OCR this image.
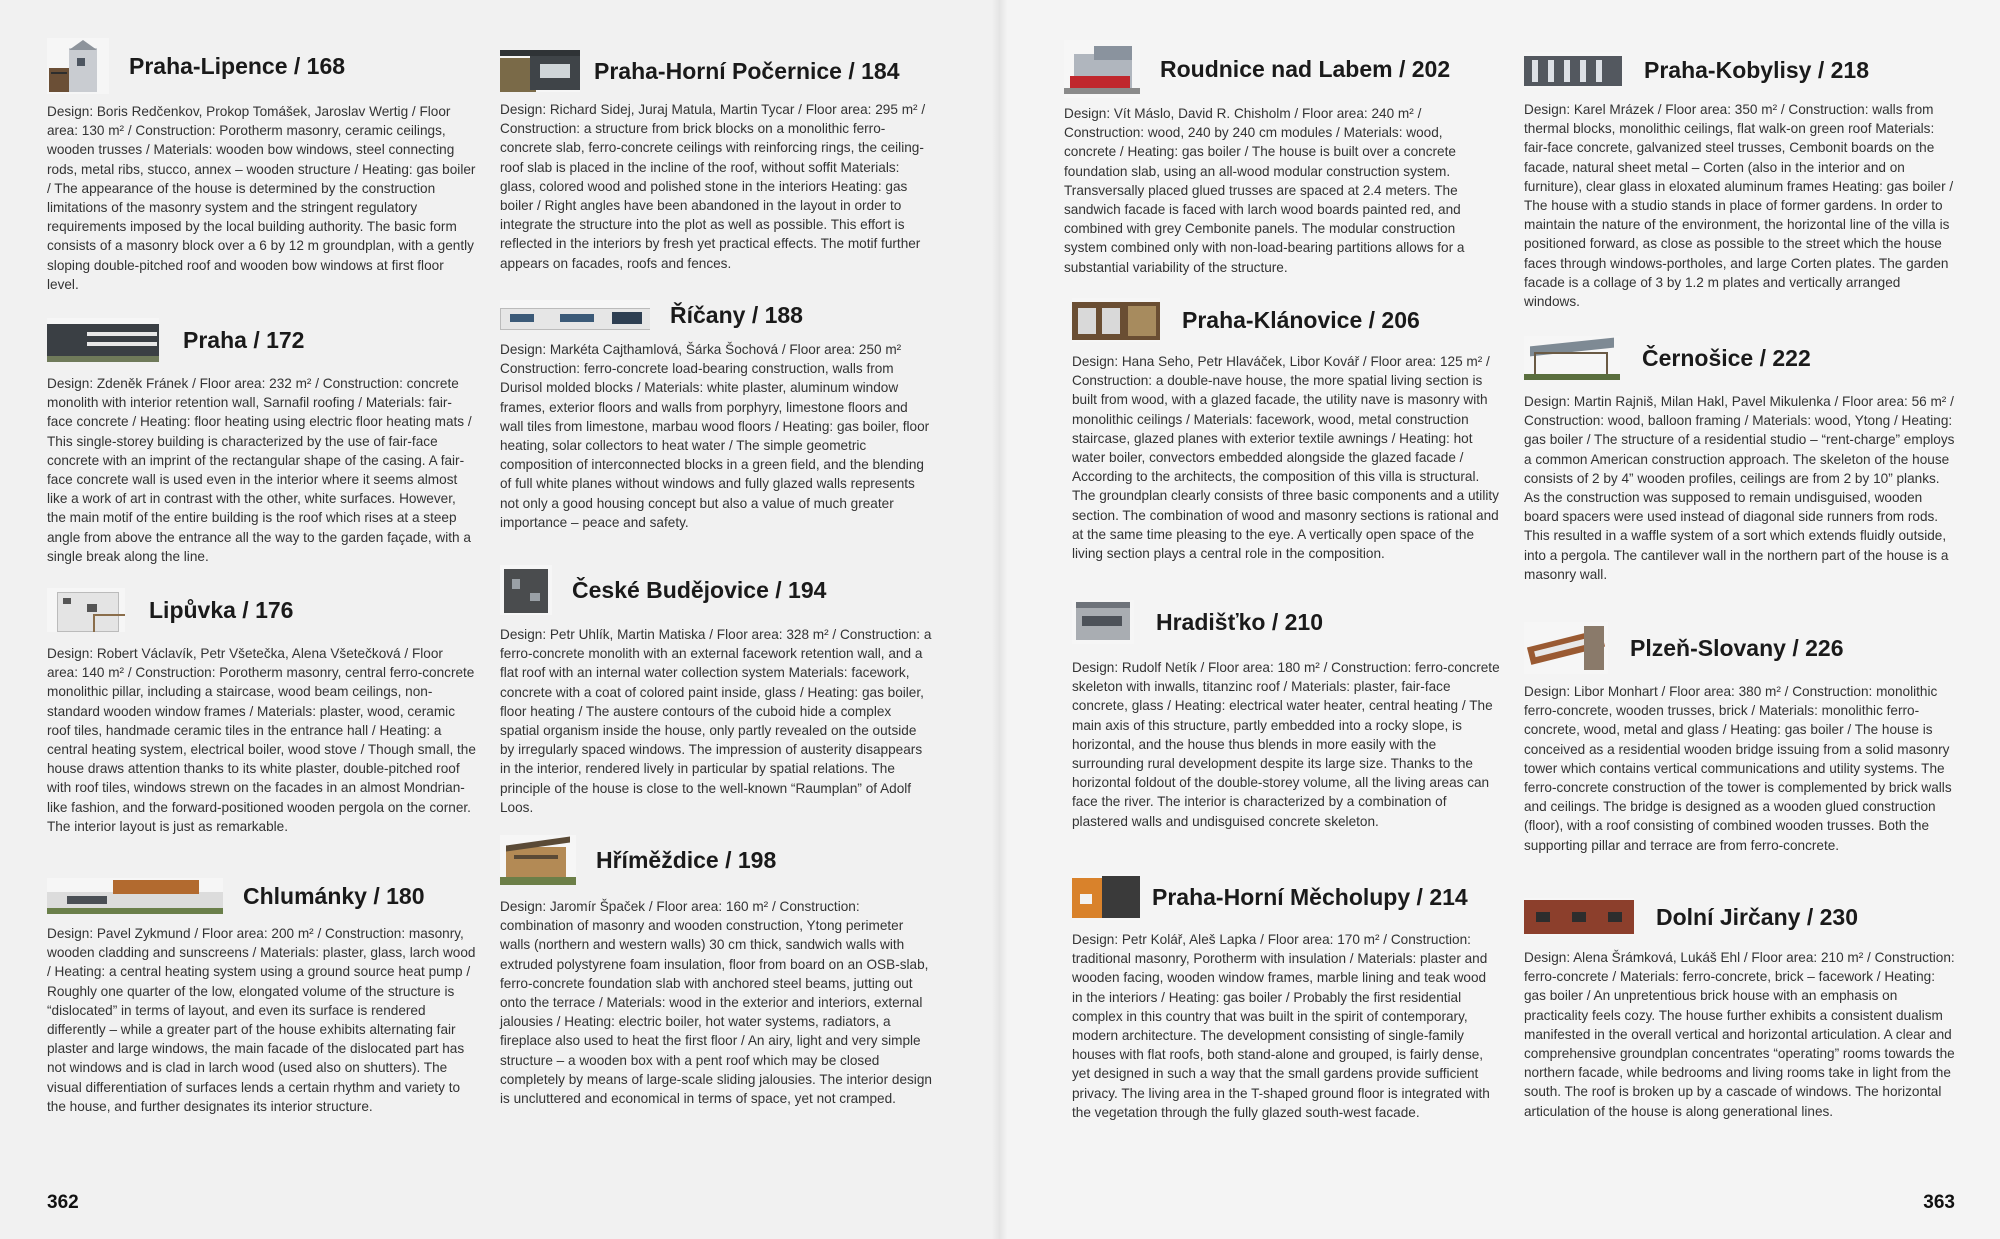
Praha-Lipence / 168

Design: Boris Redčenkov, Prokop Tomášek, Jaroslav Wertig / Floor area: 130 m² / Construction: Porotherm masonry, ceramic ceilings, wooden trusses / Materials: wooden bow windows, steel connecting rods, metal ribs, stucco, annex – wooden structure / Heating: gas boiler / The appearance of the house is determined by the construction limitations of the masonry system and the stringent regulatory requirements imposed by the local building authority. The basic form consists of a masonry block over a 6 by 12 m groundplan, with a gently sloping double-pitched roof and wooden bow windows at first floor level.

Praha / 172

Design: Zdeněk Fránek / Floor area: 232 m² / Construction: concrete monolith with interior retention wall, Sarnafil roofing / Materials: fair-face concrete / Heating: floor heating using electric floor heating mats / This single-storey building is characterized by the use of fair-face concrete with an imprint of the rectangular shape of the casing. A fair-face concrete wall is used even in the interior where it seems almost like a work of art in contrast with the other, white surfaces. However, the main motif of the entire building is the roof which rises at a steep angle from above the entrance all the way to the garden façade, with a single break along the line.

Lipůvka / 176

Design: Robert Václavík, Petr Všetečka, Alena Všetečková / Floor area: 140 m² / Construction: Porotherm masonry, central ferro-concrete monolithic pillar, including a staircase, wood beam ceilings, non-standard wooden window frames / Materials: plaster, wood, ceramic roof tiles, handmade ceramic tiles in the entrance hall / Heating: a central heating system, electrical boiler, wood stove / Though small, the house draws attention thanks to its white plaster, double-pitched roof with roof tiles, windows strewn on the facades in an almost Mondrian-like fashion, and the forward-positioned wooden pergola on the corner. The interior layout is just as remarkable.

Chlumánky / 180

Design: Pavel Zykmund / Floor area: 200 m² / Construction: masonry, wooden cladding and sunscreens / Materials: plaster, glass, larch wood / Heating: a central heating system using a ground source heat pump / Roughly one quarter of the low, elongated volume of the structure is “dislocated” in terms of layout, and even its surface is rendered differently – while a greater part of the house exhibits alternating fair plaster and large windows, the main facade of the dislocated part has not windows and is clad in larch wood (used also on shutters). The visual differentiation of surfaces lends a certain rhythm and variety to the house, and further designates its interior structure.

Praha-Horní Počernice / 184

Design: Richard Sidej, Juraj Matula, Martin Tycar / Floor area: 295 m² / Construction: a structure from brick blocks on a monolithic ferro-concrete slab, ferro-concrete ceilings with reinforcing rings, the ceiling-roof slab is placed in the incline of the roof, without soffit Materials: glass, colored wood and polished stone in the interiors Heating: gas boiler / Right angles have been abandoned in the layout in order to integrate the structure into the plot as well as possible. This effort is reflected in the interiors by fresh yet practical effects. The motif further appears on facades, roofs and fences.

Říčany / 188

Design: Markéta Cajthamlová, Šárka Šochová / Floor area: 250 m² Construction: ferro-concrete load-bearing construction, walls from Durisol molded blocks / Materials: white plaster, aluminum window frames, exterior floors and walls from porphyry, limestone floors and wall tiles from limestone, marbau wood floors / Heating: gas boiler, floor heating, solar collectors to heat water / The simple geometric composition of interconnected blocks in a green field, and the blending of full white planes without windows and fully glazed walls represents not only a good housing concept but also a value of much greater importance – peace and safety.

České Budějovice / 194

Design: Petr Uhlík, Martin Matiska / Floor area: 328 m² / Construction: a ferro-concrete monolith with an external facework retention wall, and a flat roof with an internal water collection system Materials: facework, concrete with a coat of colored paint inside, glass / Heating: gas boiler, floor heating / The austere contours of the cuboid hide a complex spatial organism inside the house, only partly revealed on the outside by irregularly spaced windows. The impression of austerity disappears in the interior, rendered lively in particular by spatial relations. The principle of the house is close to the well-known “Raumplan” of Adolf Loos.

Hříměždice / 198

Design: Jaromír Špaček / Floor area: 160 m² / Construction: combination of masonry and wooden construction, Ytong perimeter walls (northern and western walls) 30 cm thick, sandwich walls with extruded polystyrene foam insulation, floor from board on an OSB-slab, ferro-concrete foundation slab with anchored steel beams, jutting out onto the terrace / Materials: wood in the exterior and interiors, external jalousies / Heating: electric boiler, hot water systems, radiators, a fireplace also used to heat the first floor / An airy, light and very simple structure – a wooden box with a pent roof which may be closed completely by means of large-scale sliding jalousies. The interior design is uncluttered and economical in terms of space, yet not cramped.

Roudnice nad Labem / 202

Design: Vít Máslo, David R. Chisholm / Floor area: 240 m² / Construction: wood, 240 by 240 cm modules / Materials: wood, concrete / Heating: gas boiler / The house is built over a concrete foundation slab, using an all-wood modular construction system. Transversally placed glued trusses are spaced at 2.4 meters. The sandwich facade is faced with larch wood boards painted red, and combined with grey Cembonite panels. The modular construction system combined only with non-load-bearing partitions allows for a substantial variability of the structure.

Praha-Klánovice / 206

Design: Hana Seho, Petr Hlaváček, Libor Kovář / Floor area: 125 m² / Construction: a double-nave house, the more spatial living section is built from wood, with a glazed facade, the utility nave is masonry with monolithic ceilings / Materials: facework, wood, metal construction staircase, glazed planes with exterior textile awnings / Heating: hot water boiler, convectors embedded alongside the glazed facade / According to the architects, the composition of this villa is structural. The groundplan clearly consists of three basic components and a utility section. The combination of wood and masonry sections is rational and at the same time pleasing to the eye. A vertically open space of the living section plays a central role in the composition.

Hradišťko / 210

Design: Rudolf Netík / Floor area: 180 m² / Construction: ferro-concrete skeleton with inwalls, titanzinc roof / Materials: plaster, fair-face concrete, glass / Heating: electrical water heater, central heating / The main axis of this structure, partly embedded into a rocky slope, is horizontal, and the house thus blends in more easily with the surrounding rural development despite its large size. Thanks to the horizontal foldout of the double-storey volume, all the living areas can face the river. The interior is characterized by a combination of plastered walls and undisguised concrete skeleton.

Praha-Horní Měcholupy / 214

Design: Petr Kolář, Aleš Lapka / Floor area: 170 m² / Construction: traditional masonry, Porotherm with insulation / Materials: plaster and wooden facing, wooden window frames, marble lining and teak wood in the interiors / Heating: gas boiler / Probably the first residential complex in this country that was built in the spirit of contemporary, modern architecture. The development consisting of single-family houses with flat roofs, both stand-alone and grouped, is fairly dense, yet designed in such a way that the small gardens provide sufficient privacy. The living area in the T-shaped ground floor is integrated with the vegetation through the fully glazed south-west facade.

Praha-Kobylisy / 218

Design: Karel Mrázek / Floor area: 350 m² / Construction: walls from thermal blocks, monolithic ceilings, flat walk-on green roof Materials: fair-face concrete, galvanized steel trusses, Cembonit boards on the facade, natural sheet metal – Corten (also in the interior and on furniture), clear glass in eloxated aluminum frames Heating: gas boiler / The house with a studio stands in place of former gardens. In order to maintain the nature of the environment, the horizontal line of the villa is positioned forward, as close as possible to the street which the house faces through windows-portholes, and large Corten plates. The garden facade is a collage of 3 by 1.2 m plates and vertically arranged windows.

Černošice / 222

Design: Martin Rajniš, Milan Hakl, Pavel Mikulenka / Floor area: 56 m² / Construction: wood, balloon framing / Materials: wood, Ytong / Heating: gas boiler / The structure of a residential studio – “rent-charge” employs a common American construction approach. The skeleton of the house consists of 2 by 4” wooden profiles, ceilings are from 2 by 10” planks. As the construction was supposed to remain undisguised, wooden board spacers were used instead of diagonal side runners from rods. This resulted in a waffle system of a sort which extends fluidly outside, into a pergola. The cantilever wall in the northern part of the house is a masonry wall.

Plzeň-Slovany / 226

Design: Libor Monhart / Floor area: 380 m² / Construction: monolithic ferro-concrete, wooden trusses, brick / Materials: monolithic ferro-concrete, wood, metal and glass / Heating: gas boiler / The house is conceived as a residential wooden bridge issuing from a solid masonry tower which contains vertical communications and utility systems. The ferro-concrete construction of the tower is complemented by brick walls and ceilings. The bridge is designed as a wooden glued construction (floor), with a roof consisting of combined wooden trusses. Both the supporting pillar and terrace are from ferro-concrete.

Dolní Jirčany / 230

Design: Alena Šrámková, Lukáš Ehl / Floor area: 210 m² / Construction: ferro-concrete / Materials: ferro-concrete, brick – facework / Heating: gas boiler / An unpretentious brick house with an emphasis on practicality feels cozy. The house further exhibits a consistent dualism manifested in the overall vertical and horizontal articulation. A clear and comprehensive groundplan concentrates “operating” rooms towards the northern facade, while bedrooms and living rooms take in light from the south. The roof is broken up by a cascade of windows. The horizontal articulation of the house is along generational lines.

362	363
